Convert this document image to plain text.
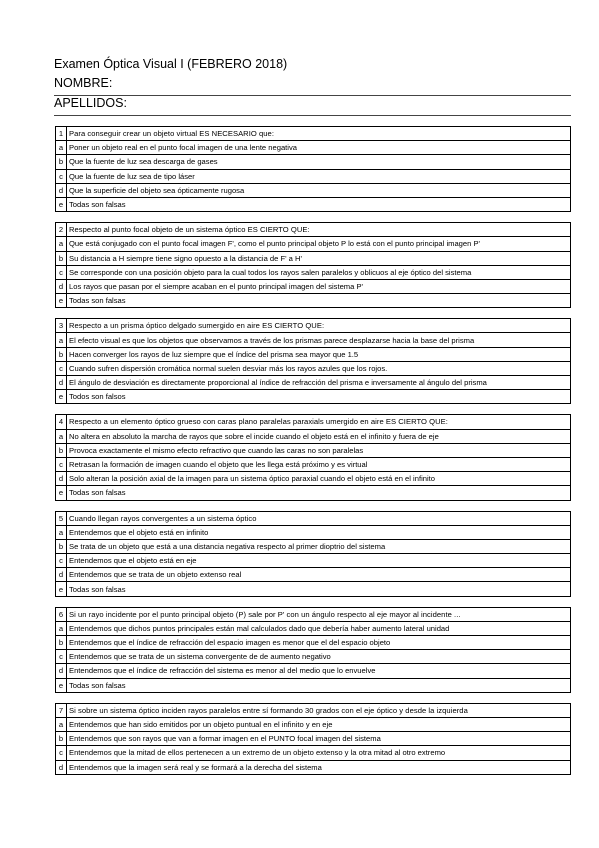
Examen Óptica Visual I (FEBRERO 2018)
NOMBRE:
APELLIDOS:
1	Para conseguir crear un objeto virtual ES NECESARIO que:
a	Poner un objeto real en el punto focal imagen de una lente negativa
b	Que la fuente de luz sea descarga de gases
c	Que la fuente de luz sea de tipo láser
d	Que la superficie del objeto sea ópticamente rugosa
e	Todas son falsas
2	Respecto al punto focal objeto de un sistema óptico ES CIERTO QUE:
a	Que está conjugado con el punto focal imagen F', como el punto principal objeto P lo está con el punto principal imagen P'
b	Su distancia a H siempre tiene signo opuesto a la distancia de F' a H'
c	Se corresponde con una posición objeto para la cual todos los rayos salen paralelos y oblicuos al eje óptico del sistema
d	Los rayos que pasan por el siempre acaban en el punto principal imagen del sistema P'
e	Todas son falsas
3	Respecto a un prisma óptico delgado sumergido en aire ES CIERTO QUE:
a	El efecto visual es que los objetos que observamos a través de los prismas parece desplazarse hacia la base del prisma
b	Hacen converger los rayos de luz siempre que el índice del prisma sea mayor que 1.5
c	Cuando sufren dispersión cromática normal suelen desviar más los rayos azules que los rojos.
d	El ángulo de desviación es directamente proporcional al índice de refracción del prisma e inversamente al ángulo del prisma
e	Todos son falsos
4	Respecto a un elemento óptico grueso con caras plano paralelas paraxials umergido en aire ES CIERTO QUE:
a	No altera en absoluto la marcha de rayos que sobre el incide cuando el objeto está en el infinito y fuera de eje
b	Provoca exactamente el mismo efecto refractivo que cuando las caras no son paralelas
c	Retrasan la formación de imagen cuando el objeto que les llega está próximo y es virtual
d	Solo alteran la posición axial de la imagen para un sistema óptico paraxial cuando el objeto está en el infinito
e	Todas son falsas
5	Cuando llegan rayos convergentes a un sistema óptico
a	Entendemos que el objeto está en infinito
b	Se trata de un objeto que está a una distancia negativa respecto al primer dioptrio del sistema
c	Entendemos que el objeto está en eje
d	Entendemos que se trata de un objeto extenso real
e	Todas son falsas
6	Si un rayo incidente por el punto principal objeto (P) sale por P' con un ángulo respecto al eje mayor al incidente ...
a	Entendemos que dichos puntos principales están mal calculados dado que debería haber aumento lateral unidad
b	Entendemos que el índice de refracción del espacio imagen es menor que el del espacio objeto
c	Entendemos que se trata de un sistema convergente de de aumento negativo
d	Entendemos que el índice de refracción del sistema es menor al del medio que lo envuelve
e	Todas son falsas
7	Si sobre un sistema óptico inciden rayos paralelos entre sí formando 30 grados con el eje óptico y desde la izquierda
a	Entendemos que han sido emitidos por un objeto puntual en el infinito y en eje
b	Entendemos que son rayos que van a formar imagen en el PUNTO focal imagen del sistema
c	Entendemos que la mitad de ellos pertenecen a un extremo de un objeto extenso y la otra mitad al otro extremo
d	Entendemos que la imagen será real y se formará a la derecha del sistema
